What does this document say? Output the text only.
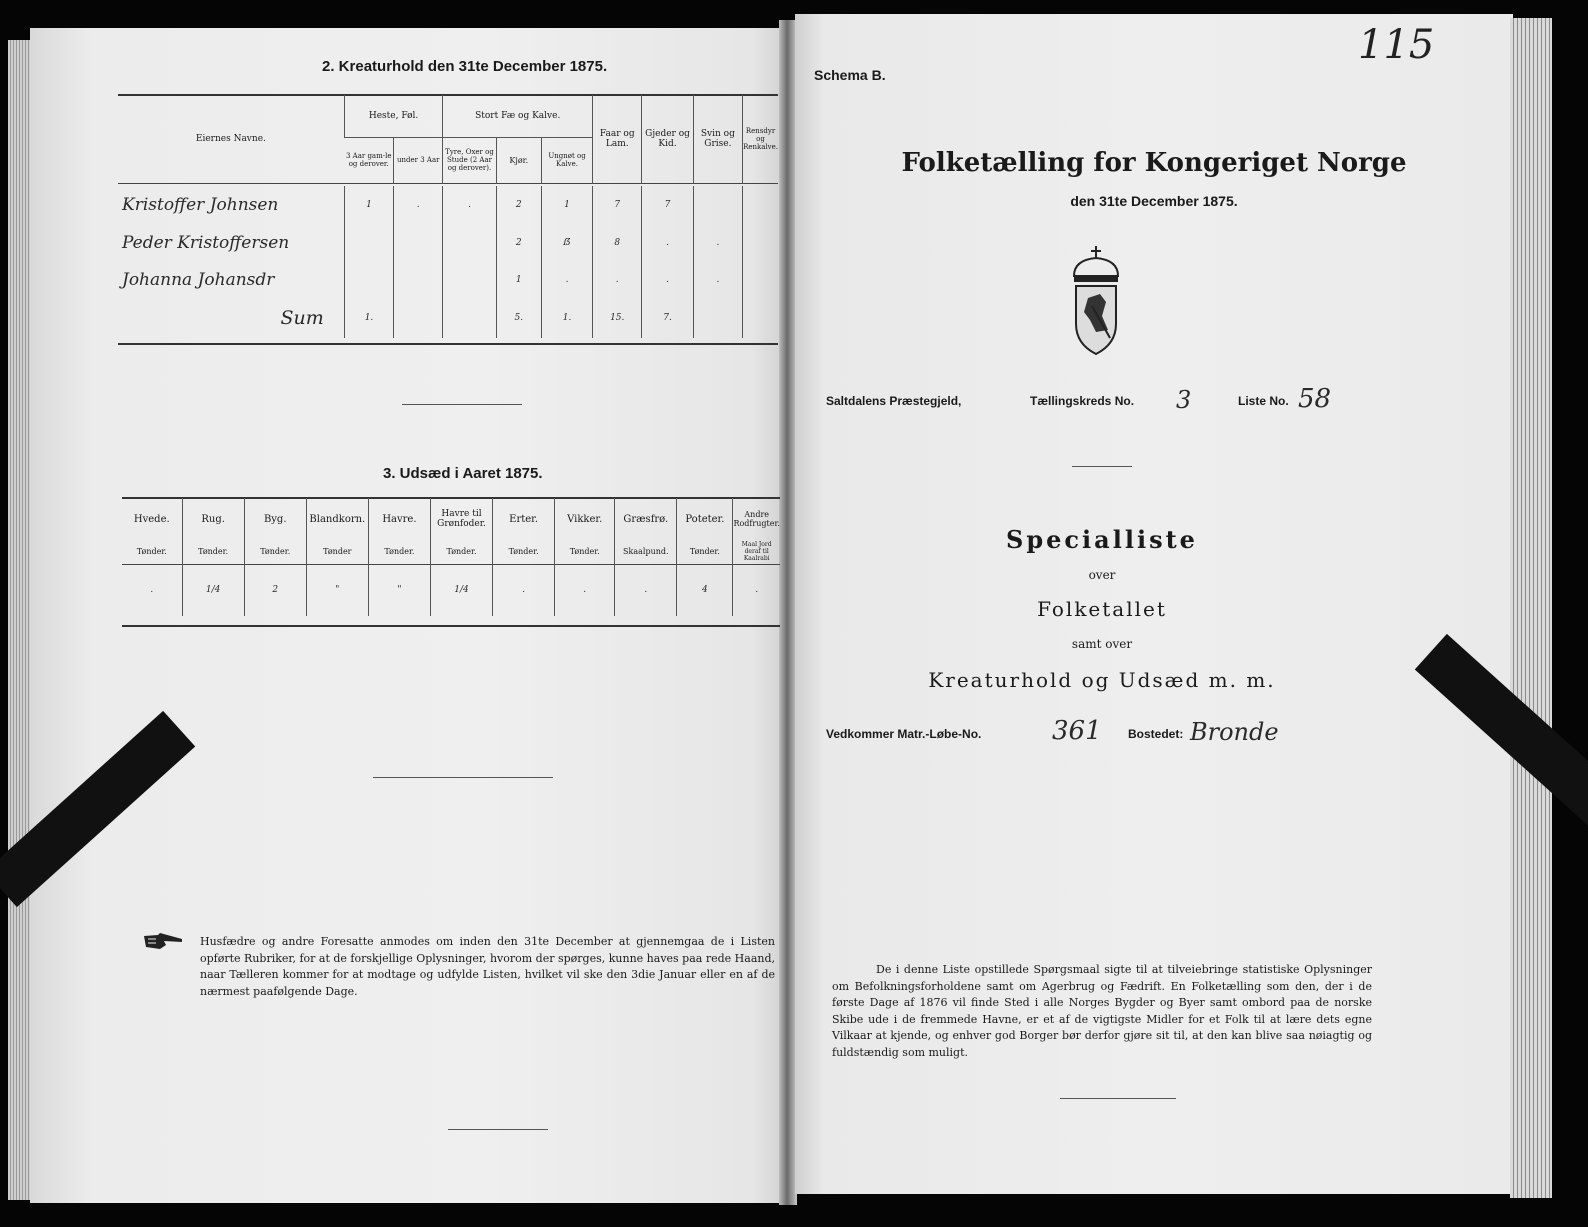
2. Kreaturhold den 31te December 1875.
Eiernes Navne.	Heste, Føl.		Stort Fæ og Kalve.			Faar og Lam.	Gjeder og Kid.	Svin og Grise.	Rensdyr og Renkalve.
	3 Aar gam-le og derover.	under 3 Aar	Tyre, Oxer og Stude (2 Aar og derover).	Kjør.	Ungnøt og Kalve.				

Kristoffer Johnsen	1	.	.	2	1	7	7		
Peder Kristoffersen				2	ẞ	8	.	.	
Johanna Johansdr				1	.	.	.	.	
Sum	1.			5.	1.	15.	7.		
3. Udsæd i Aaret 1875.
Hvede.	Rug.	Byg.	Blandkorn.	Havre.	Havre til Grønfoder.	Erter.	Vikker.	Græsfrø.	Poteter.	Andre Rodfrugter.
Tønder.	Tønder.	Tønder.	Tønder	Tønder.	Tønder.	Tønder.	Tønder.	Skaalpund.	Tønder.	Maal Jord deraf til Kaalrabi
.	1/4	2	"	"	1/4	.	.	.	4	.
Husfædre og andre Foresatte anmodes om inden den 31te December at gjennemgaa de i Listen opførte Rubriker, for at de forskjellige Oplysninger, hvorom der spørges, kunne haves paa rede Haand, naar Tælleren kommer for at modtage og udfylde Listen, hvilket vil ske den 3die Januar eller en af de nærmest paafølgende Dage.
115
Schema B.
Folketælling for Kongeriget Norge
den 31te December 1875.
Saltdalens Præstegjeld,	Tællingskreds No. 3	Liste No. 58
Specialliste
over
Folketallet
samt over
Kreaturhold og Udsæd m. m.
Vedkommer Matr.-Løbe-No.	361 Bostedet: Bronde
De i denne Liste opstillede Spørgsmaal sigte til at tilveiebringe statistiske Oplysninger om Befolkningsforholdene samt om Agerbrug og Fædrift. En Folketælling som den, der i de første Dage af 1876 vil finde Sted i alle Norges Bygder og Byer samt ombord paa de norske Skibe ude i de fremmede Havne, er et af de vigtigste Midler for et Folk til at lære dets egne Vilkaar at kjende, og enhver god Borger bør derfor gjøre sit til, at den kan blive saa nøiagtig og fuldstændig som muligt.
